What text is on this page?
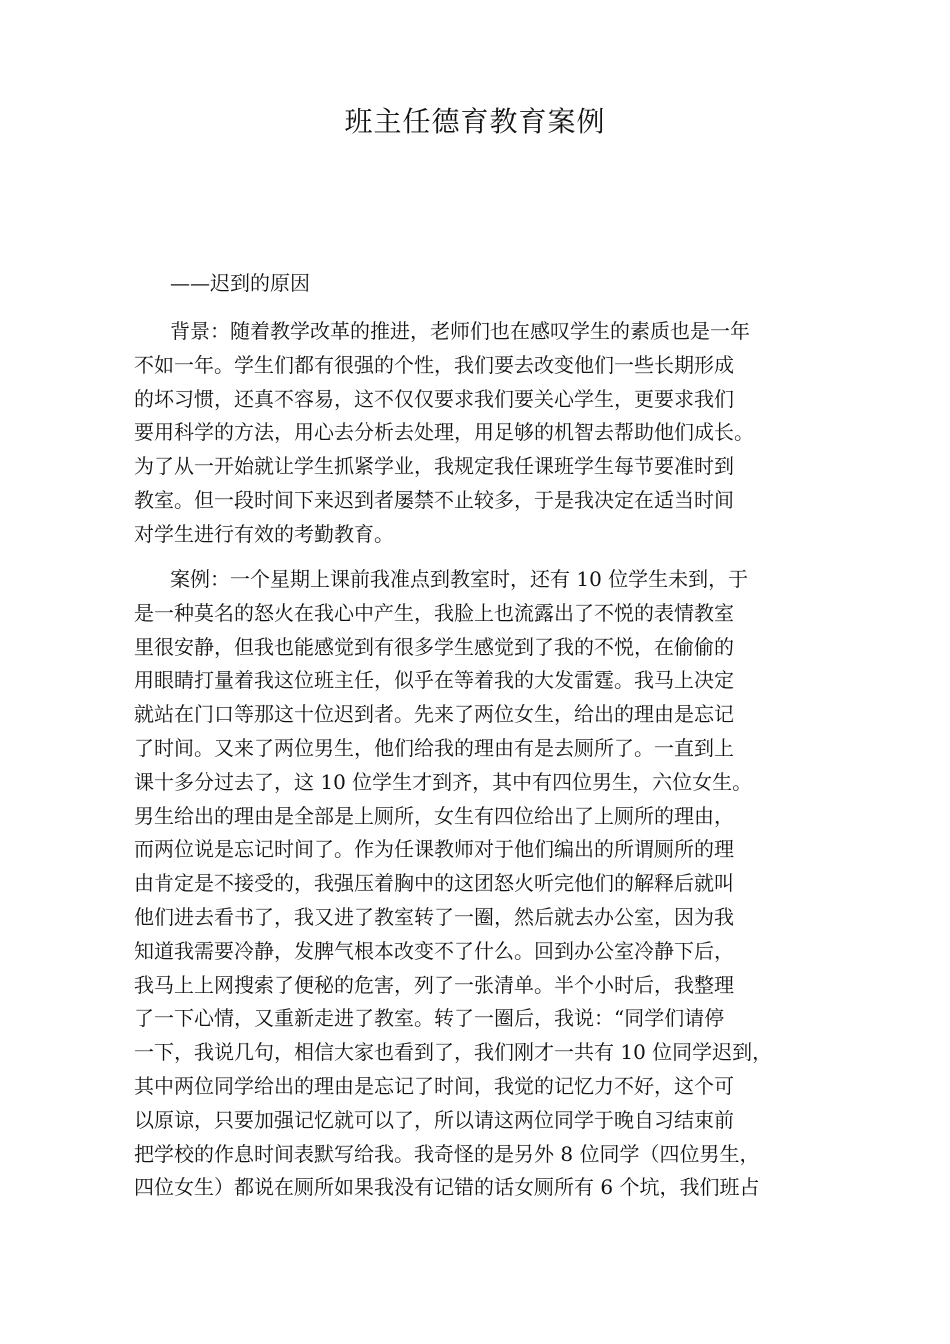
班主任德育教育案例
——迟到的原因
背景：随着教学改革的推进，老师们也在感叹学生的素质也是一年
不如一年。学生们都有很强的个性，我们要去改变他们一些长期形成
的坏习惯，还真不容易，这不仅仅要求我们要关心学生，更要求我们
要用科学的方法，用心去分析去处理，用足够的机智去帮助他们成长。
为了从一开始就让学生抓紧学业，我规定我任课班学生每节要准时到
教室。但一段时间下来迟到者屡禁不止较多，于是我决定在适当时间
对学生进行有效的考勤教育。
案例：一个星期上课前我准点到教室时，还有 10 位学生未到，于
是一种莫名的怒火在我心中产生，我脸上也流露出了不悦的表情教室
里很安静，但我也能感觉到有很多学生感觉到了我的不悦，在偷偷的
用眼睛打量着我这位班主任，似乎在等着我的大发雷霆。我马上决定
就站在门口等那这十位迟到者。先来了两位女生，给出的理由是忘记
了时间。又来了两位男生，他们给我的理由有是去厕所了。一直到上
课十多分过去了，这 10 位学生才到齐，其中有四位男生，六位女生。
男生给出的理由是全部是上厕所，女生有四位给出了上厕所的理由，
而两位说是忘记时间了。作为任课教师对于他们编出的所谓厕所的理
由肯定是不接受的，我强压着胸中的这团怒火听完他们的解释后就叫
他们进去看书了，我又进了教室转了一圈，然后就去办公室，因为我
知道我需要冷静，发脾气根本改变不了什么。回到办公室冷静下后，
我马上上网搜索了便秘的危害，列了一张清单。半个小时后，我整理
了一下心情，又重新走进了教室。转了一圈后，我说：“同学们请停
一下，我说几句，相信大家也看到了，我们刚才一共有 10 位同学迟到，
其中两位同学给出的理由是忘记了时间，我觉的记忆力不好，这个可
以原谅，只要加强记忆就可以了，所以请这两位同学于晚自习结束前
把学校的作息时间表默写给我。我奇怪的是另外 8 位同学（四位男生，
四位女生）都说在厕所如果我没有记错的话女厕所有 6 个坑，我们班占
